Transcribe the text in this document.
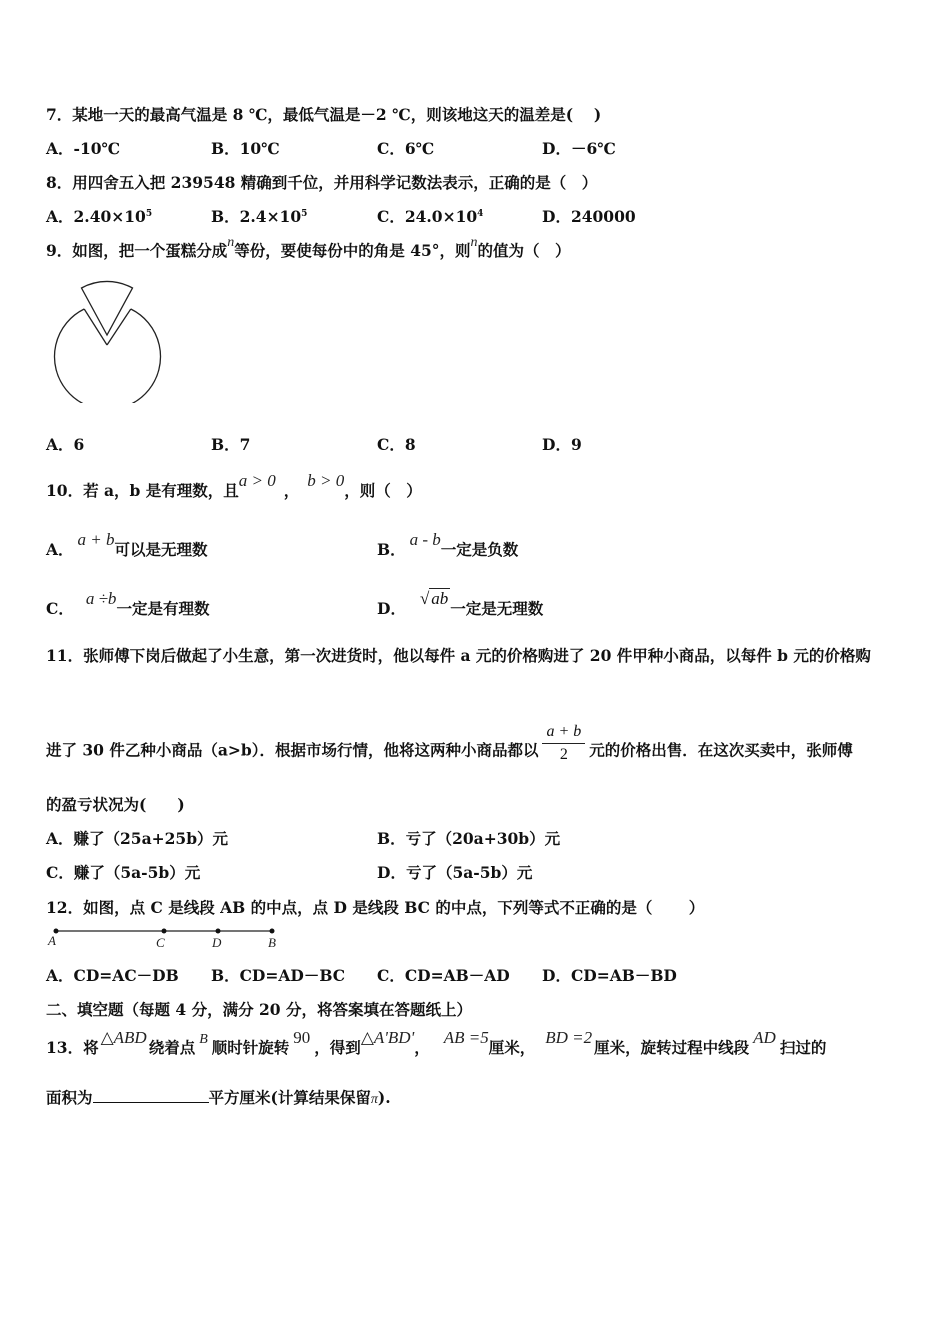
7．某地一天的最高气温是 8 ℃，最低气温是－2 ℃，则该地这天的温差是(　 )
A．-10℃	B．10℃	C．6℃	D．－6℃
8．用四舍五入把 239548 精确到千位，并用科学记数法表示，正确的是（　）
A．$2.40\times 10^5$	B．$2.4\times 10^5$	C．$24.0\times 10^4$	D．240000
9．如图，把一个蛋糕分成n等份，要使每份中的角是 45°，则n的值为（　）
A．6	B．7	C．8	D．9
10．若 a，b 是有理数，且a > 0，b > 0，则（　）
A．a + b可以是无理数	B．a - b一定是负数
C．a ÷b一定是有理数	D．√ ab一定是无理数
11．张师傅下岗后做起了小生意，第一次进货时，他以每件 a 元的价格购进了 20 件甲种小商品，以每件 b 元的价格购
进了 30 件乙种小商品（a>b）．根据市场行情，他将这两种小商品都以 $\frac{a + b}{2}$ 元的价格出售．在这次买卖中，张师傅
的盈亏状况为(　　)
A．赚了（25a+25b）元	B．亏了（20a+30b）元
C．赚了（5a-5b）元	D．亏了（5a-5b）元
12．如图，点 C 是线段 AB 的中点，点 D 是线段 BC 的中点，下列等式不正确的是（　　 ）
A	C	D	B
A．CD=AC－DB B．CD=AD－BC C．CD=AB－AD D．CD=AB－BD
二、填空题（每题 4 分，满分 20 分，将答案填在答题纸上）
13．将△ABD绕着点 B 顺时针旋转90，得到△A'BD'，AB =5厘米，BD =2厘米，旋转过程中线段AD扫过的
面积为	平方厘米(计算结果保留π).
